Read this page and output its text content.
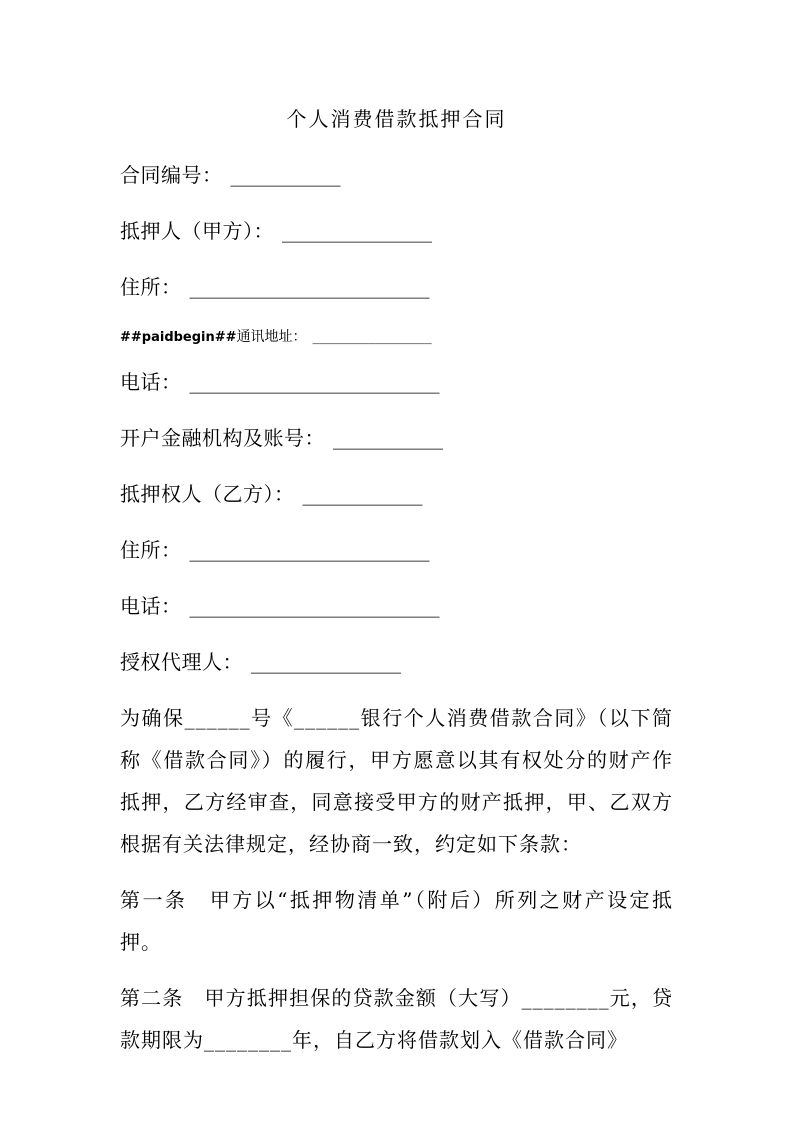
个人消费借款抵押合同

合同编号： ___________

抵押人（甲方）： _______________

住所： ________________________

##paidbegin##通讯地址： _________________

电话： _________________________

开户金融机构及账号： ___________

抵押权人（乙方）： ____________

住所： ________________________

电话： _________________________

授权代理人： _______________

为确保______号《______银行个人消费借款合同》（以下简称《借款合同》）的履行，甲方愿意以其有权处分的财产作抵押，乙方经审查，同意接受甲方的财产抵押，甲、乙双方根据有关法律规定，经协商一致，约定如下条款：

第一条　甲方以“抵押物清单”（附后）所列之财产设定抵押。

第二条　甲方抵押担保的贷款金额（大写）________元，贷款期限为________年，自乙方将借款划入《借款合同》
